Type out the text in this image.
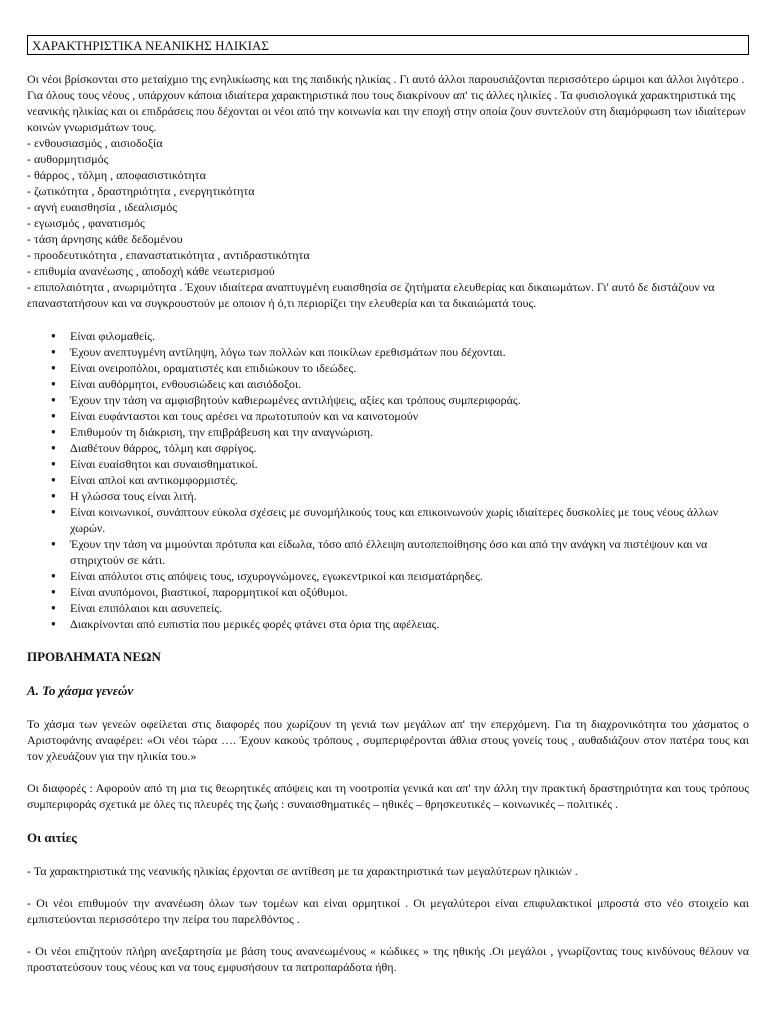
ΧΑΡΑΚΤΗΡΙΣΤΙΚΑ ΝΕΑΝΙΚΗΣ ΗΛΙΚΙΑΣ

Οι νέοι βρίσκονται στο μεταίχμιο της ενηλικίωσης και της παιδικής ηλικίας . Γι αυτό άλλοι παρουσιάζονται περισσότερο ώριμοι και άλλοι λιγότερο . Για όλους τους νέους , υπάρχουν κάποια ιδιαίτερα χαρακτηριστικά που τους διακρίνουν απ' τις άλλες ηλικίες . Τα φυσιολογικά χαρακτηριστικά της νεανικής ηλικίας και οι επιδράσεις που δέχονται οι νέοι από την κοινωνία και την εποχή στην οποία ζουν συντελούν στη διαμόρφωση των ιδιαίτερων κοινών γνωρισμάτων τους.

- ενθουσιασμός , αισιοδοξία
- αυθορμητισμός
- θάρρος , τόλμη , αποφασιστικότητα
- ζωτικότητα , δραστηριότητα , ενεργητικότητα
- αγνή ευαισθησία , ιδεαλισμός
- εγωισμός , φανατισμός
- τάση άρνησης κάθε δεδομένου
- προοδευτικότητα , επαναστατικότητα , αντιδραστικότητα
- επιθυμία ανανέωσης , αποδοχή κάθε νεωτερισμού
- επιπολαιότητα , ανωριμότητα . Έχουν ιδιαίτερα αναπτυγμένη ευαισθησία σε ζητήματα ελευθερίας και δικαιωμάτων. Γι' αυτό δε διστάζουν να επαναστατήσουν και να συγκρουστούν με οποιον ή ό,τι περιορίζει την ελευθερία και τα δικαιώματά τους.
● Είναι φιλομαθείς.
● Έχουν ανεπτυγμένη αντίληψη, λόγω των πολλών και ποικίλων ερεθισμάτων που δέχονται.
● Είναι ονειροπόλοι, οραματιστές και επιδιώκουν το ιδεώδες.
● Είναι αυθόρμητοι, ενθουσιώδεις και αισιόδοξοι.
● Έχουν την τάση να αμφισβητούν καθιερωμένες αντιλήψεις, αξίες και τρόπους συμπεριφοράς.
● Είναι ευφάνταστοι και τους αρέσει να πρωτοτυπούν και να καινοτομούν
● Επιθυμούν τη διάκριση, την επιβράβευση και την αναγνώριση.
● Διαθέτουν θάρρος, τόλμη και σφρίγος.
● Είναι ευαίσθητοι και συναισθηματικοί.
● Είναι απλοί και αντικομφορμιστές.
● Η γλώσσα τους είναι λιτή.
● Είναι κοινωνικοί, συνάπτουν εύκολα σχέσεις με συνομήλικούς τους και επικοινωνούν χωρίς ιδιαίτερες δυσκολίες με τους νέους άλλων χωρών.
● Έχουν την τάση να μιμούνται πρότυπα και είδωλα, τόσο από έλλειψη αυτοπεποίθησης όσο και από την ανάγκη να πιστέψουν και να στηριχτούν σε κάτι.
● Είναι απόλυτοι στις απόψεις τους, ισχυρογνώμονες, εγωκεντρικοί και πεισματάρηδες.
● Είναι ανυπόμονοι, βιαστικοί, παρορμητικοί και οξύθυμοι.
● Είναι επιπόλαιοι και ασυνεπείς.
● Διακρίνονται από ευπιστία που μερικές φορές φτάνει στα όρια της αφέλειας.
ΠΡΟΒΛΗΜΑΤΑ ΝΕΩΝ
Α. Το χάσμα γενεών

Το χάσμα των γενεών οφείλεται στις διαφορές που χωρίζουν τη γενιά των μεγάλων απ' την επερχόμενη. Για τη διαχρονικότητα του χάσματος ο Αριστοφάνης αναφέρει: «Οι νέοι τώρα …. Έχουν κακούς τρόπους , συμπεριφέρονται άθλια στους γονείς τους , αυθαδιάζουν στον πατέρα τους και τον χλευάζουν για την ηλικία του.»

Οι διαφορές : Αφορούν από τη μια τις θεωρητικές απόψεις και τη νοοτροπία γενικά και απ' την άλλη την πρακτική δραστηριότητα και τους τρόπους συμπεριφοράς σχετικά με όλες τις πλευρές της ζωής : συναισθηματικές – ηθικές – θρησκευτικές – κοινωνικές – πολιτικές .

Οι αιτίες

- Τα χαρακτηριστικά της νεανικής ηλικίας έρχονται σε αντίθεση με τα χαρακτηριστικά των μεγαλύτερων ηλικιών .

- Οι νέοι επιθυμούν την ανανέωση όλων των τομέων και είναι ορμητικοί . Οι μεγαλύτεροι είναι επιφυλακτικοί μπροστά στο νέο στοιχείο και εμπιστεύονται περισσότερο την πείρα του παρελθόντος .

- Οι νέοι επιζητούν πλήρη ανεξαρτησία με βάση τους ανανεωμένους « κώδικες » της ηθικής .Οι μεγάλοι , γνωρίζοντας τους κινδύνους θέλουν να προστατεύσουν τους νέους και να τους εμφυσήσουν τα πατροπαράδοτα ήθη.
